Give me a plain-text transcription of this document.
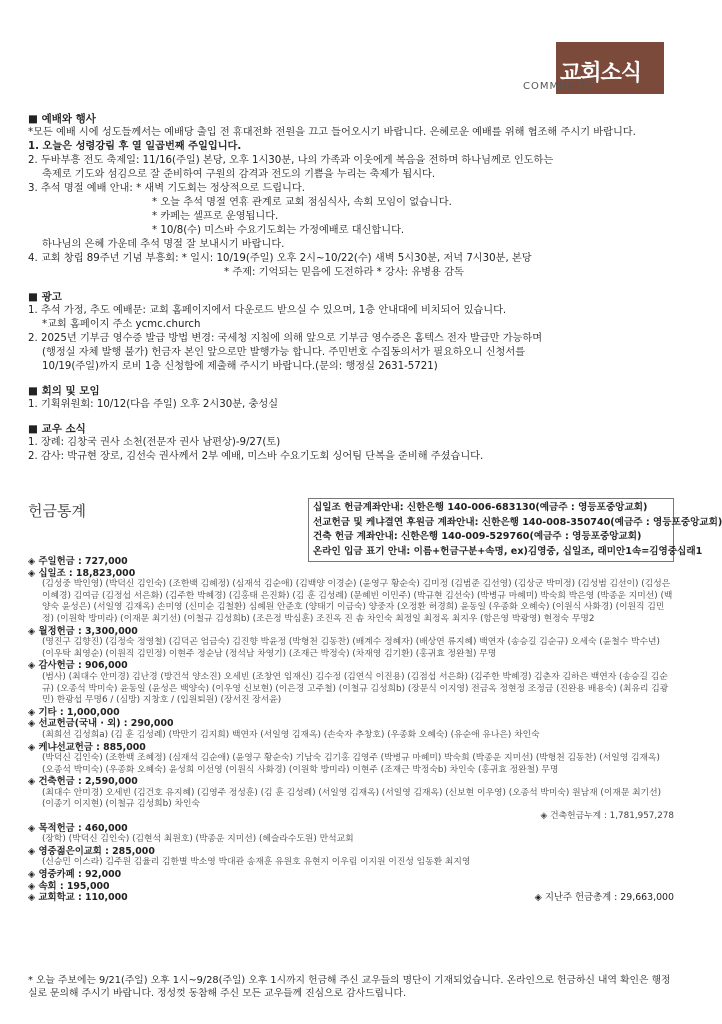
교회소식
COMMUNITY
■ 예배와 행사

*모든 예배 시에 성도들께서는 예배당 출입 전 휴대전화 전원을 끄고 들어오시기 바랍니다. 은혜로운 예배를 위해 협조해 주시기 바랍니다.

1. 오늘은 성령강림 후 열 일곱번째 주일입니다.

2. 두바부흥 전도 축제일: 11/16(주일) 본당, 오후 1시30분, 나의 가족과 이웃에게 복음을 전하며 하나님께로 인도하는

축제로 기도와 섬김으로 잘 준비하여 구원의 감격과 전도의 기쁨을 누리는 축제가 됩시다.

3. 추석 명절 예배 안내: * 새벽 기도회는 정상적으로 드립니다.

* 오늘 추석 명절 연휴 관계로 교회 점심식사, 속회 모임이 없습니다.

* 카페는 셀프로 운영됩니다.

* 10/8(수) 미스바 수요기도회는 가정예배로 대신합니다.

하나님의 은혜 가운데 추석 명절 잘 보내시기 바랍니다.

4. 교회 창립 89주년 기념 부흥회: * 일시: 10/19(주일) 오후 2시~10/22(수) 새벽 5시30분, 저녁 7시30분, 본당

* 주제: 기억되는 믿음에 도전하라 * 강사: 유병용 감독

■ 광고

1. 추석 가정, 추도 예배문: 교회 홈페이지에서 다운로드 받으실 수 있으며, 1층 안내대에 비치되어 있습니다.

*교회 홈페이지 주소 ycmc.church

2. 2025년 기부금 영수증 발급 방법 변경: 국세청 지침에 의해 앞으로 기부금 영수증은 홈텍스 전자 발급만 가능하며

(행정실 자체 발행 불가) 헌금자 본인 앞으로만 발행가능 합니다. 주민번호 수집동의서가 필요하오니 신청서를

10/19(주일)까지 로비 1층 신청함에 제출해 주시기 바랍니다.(문의: 행정실 2631-5721)

■ 회의 및 모임

1. 기획위원회: 10/12(다음 주일) 오후 2시30분, 충성실

■ 교우 소식

1. 장례: 김창국 권사 소천(전문자 권사 남편상)-9/27(토)

2. 감사: 박규현 장로, 김선숙 권사께서 2부 예배, 미스바 수요기도회 싱어팀 단복을 준비해 주셨습니다.

헌금통계	십일조 헌금계좌안내: 신한은행 140-006-683130(예금주 : 영등포중앙교회)
선교헌금 및 케냐결연 후원금 계좌안내: 신한은행 140-008-350740(예금주 : 영등포중앙교회)
건축 헌금 계좌안내: 신한은행 140-009-529760(예금주 : 영등포중앙교회)
온라인 입금 표기 안내: 이름+헌금구분+속명, ex)김영중, 십일조, 래미안1속=김영중십래1
◈ 주일헌금 : 727,000
◈ 십일조 : 18,823,000
(김성중 박인영) (박덕신 김인숙) (조한백 김혜정) (심재석 김순애) (김백양 이경순) (윤영구 황순숙) 김미정 (김범준 김선영) (김상군 박미정) (김성범 김선이) (김성은 이혜경) 김여금 (김정섭 서은화) (김주한 박혜경) (김홍태 은진화) (김 훈 김성례) (문혜빈 이민주) (박규현 김선숙) (박병규 마혜미) 박숙희 박은영 (박종운 지미선) (백양숙 윤성은) (서일영 김재옥) 손미영 (신미순 김철환) 심혜원 안준호 (양태기 이금숙) 양중자 (오정환 허경희) 윤동일 (우종화 오혜숙) (이원식 사화경) (이원직 김민정) (이원학 방미라) (이재문 최기선) (이철규 김성희b) (조은정 박심훈) 조진옥 진 솜 차인숙 최정일 최정옥 최지우 (함은영 박광영) 현정숙 무명2
◈ 월정헌금 : 3,300,000
(명진구 김향진) (김정숙 정영철) (김덕곤 엄금숙) 김진향 박윤정 (박형천 김동찬) (배계수 정혜자) (배상연 류지혜) 백연자 (송승길 김순규) 오세숙 (윤철수 박수년) (이우탁 최영순) (이원직 김민정) 이현주 정순남 (정석남 차영기) (조재근 박정숙) (차재영 김기환) (홍귀효 정완철) 무명
◈ 감사헌금 : 906,000
(범사) (최대수 안미경) 김난경 (방건석 양소진) 오세빈 (조창연 임재신) 김수정 (김연식 이진용) (김점섭 서은화) (김주한 박혜경) 김춘자 김하은 백연자 (송승길 김순규) (오종석 박미숙) 윤동일 (윤성은 백양숙) (이우영 신보현) (이은경 고주철) (이철규 김성희b) (장문식 이지영) 전금옥 정현정 조정금 (진완용 배용숙) (최유리 김광민) 한광섭 무명6 / (심방) 지창호 / (입원퇴원) (장서진 장서윤)
◈ 기타 : 1,000,000
◈ 선교헌금(국내 · 외) : 290,000
(최희선 김성희a) (김 훈 김성례) (박만기 김지희) 백연자 (서일영 김재옥) (손숙자 추창호) (우종화 오혜숙) (유순애 유나은) 차인숙
◈ 케냐선교헌금 : 885,000
(박덕신 김인숙) (조한백 조혜정) (심재석 김순애) (윤영구 황순숙) 기남숙 김기홍 김영주 (박병규 마혜미) 박숙희 (박종운 지미선) (박형천 김동찬) (서일영 김재옥) (오종석 박미숙) (우종화 오혜숙) 윤성희 이선영 (이원식 사화경) (이원학 방미라) 이현주 (조재근 박정숙b) 차인숙 (홍귀효 정완철) 무명
◈ 건축헌금 : 2,590,000
(최대수 안미경) 오세빈 (김건호 유지혜) (김영주 정성훈) (김 훈 김성례) (서일영 김재옥) (서일영 김재옥) (신보현 이우영) (오종석 박미숙) 원남재 (이재문 최기선) (이종기 이지현) (이철규 김성희b) 차인숙
◈ 건축헌금누계 : 1,781,957,278
◈ 목적헌금 : 460,000
(장학) (박덕신 김인숙) (김현석 최원호) (박종운 지미선) (헤슬라수도원) 만석교회
◈ 영중젊은이교회 : 285,000
(신승민 이스라) 김주원 김율리 김한별 박소영 박대관 송재훈 유원호 유현지 이우림 이지원 이진성 임동환 최지영
◈ 영중카페 : 92,000
◈ 속회 : 195,000
◈ 교회학교 : 110,000	◈ 지난주 헌금총계 : 29,663,000
* 오늘 주보에는 9/21(주일) 오후 1시~9/28(주일) 오후 1시까지 헌금해 주신 교우들의 명단이 기재되었습니다. 온라인으로 헌금하신 내역 확인은 행정실로 문의해 주시기 바랍니다. 정성껏 동참해 주신 모든 교우들께 진심으로 감사드립니다.
